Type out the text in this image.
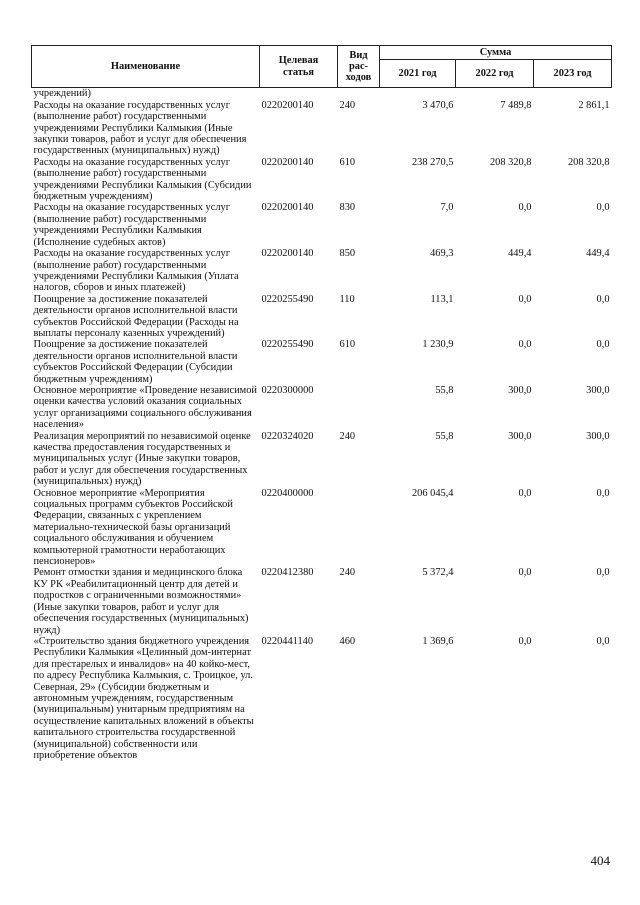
Наименование	Целевая статья	Вид рас-ходов	Сумма		
			2021 год	2022 год	2023 год
учреждений)					
Расходы на оказание государственных услуг (выполнение работ) государственными учреждениями Республики Калмыкия (Иные закупки товаров, работ и услуг для обеспечения государственных (муниципальных) нужд)	0220200140	240	3 470,6	7 489,8	2 861,1
Расходы на оказание государственных услуг (выполнение работ) государственными учреждениями Республики Калмыкия (Субсидии бюджетным учреждениям)	0220200140	610	238 270,5	208 320,8	208 320,8
Расходы на оказание государственных услуг (выполнение работ) государственными учреждениями Республики Калмыкия (Исполнение судебных актов)	0220200140	830	7,0	0,0	0,0
Расходы на оказание государственных услуг (выполнение работ) государственными учреждениями Республики Калмыкия (Уплата налогов, сборов и иных платежей)	0220200140	850	469,3	449,4	449,4
Поощрение за достижение показателей деятельности органов исполнительной власти субъектов Российской Федерации (Расходы на выплаты персоналу казенных учреждений)	0220255490	110	113,1	0,0	0,0
Поощрение за достижение показателей деятельности органов исполнительной власти субъектов Российской Федерации (Субсидии бюджетным учреждениям)	0220255490	610	1 230,9	0,0	0,0
Основное мероприятие «Проведение независимой оценки качества условий оказания социальных услуг организациями социального обслуживания населения»	0220300000		55,8	300,0	300,0
Реализация мероприятий по независимой оценке качества предоставления государственных и муниципальных услуг (Иные закупки товаров, работ и услуг для обеспечения государственных (муниципальных) нужд)	0220324020	240	55,8	300,0	300,0
Основное мероприятие «Мероприятия социальных программ субъектов Российской Федерации, связанных с укреплением материально-технической базы организаций социального обслуживания и обучением компьютерной грамотности неработающих пенсионеров»	0220400000		206 045,4	0,0	0,0
Ремонт отмостки здания и медицинского блока КУ РК «Реабилитационный центр для детей и подростков с ограниченными возможностями» (Иные закупки товаров, работ и услуг для обеспечения государственных (муниципальных) нужд)	0220412380	240	5 372,4	0,0	0,0
«Строительство здания бюджетного учреждения Республики Калмыкия «Целинный дом-интернат для престарелых и инвалидов» на 40 койко-мест, по адресу Республика Калмыкия, с. Троицкое, ул. Северная, 29» (Субсидии бюджетным и автономным учреждениям, государственным (муниципальным) унитарным предприятиям на осуществление капитальных вложений в объекты капитального строительства государственной (муниципальной) собственности или приобретение объектов	0220441140	460	1 369,6	0,0	0,0
404
